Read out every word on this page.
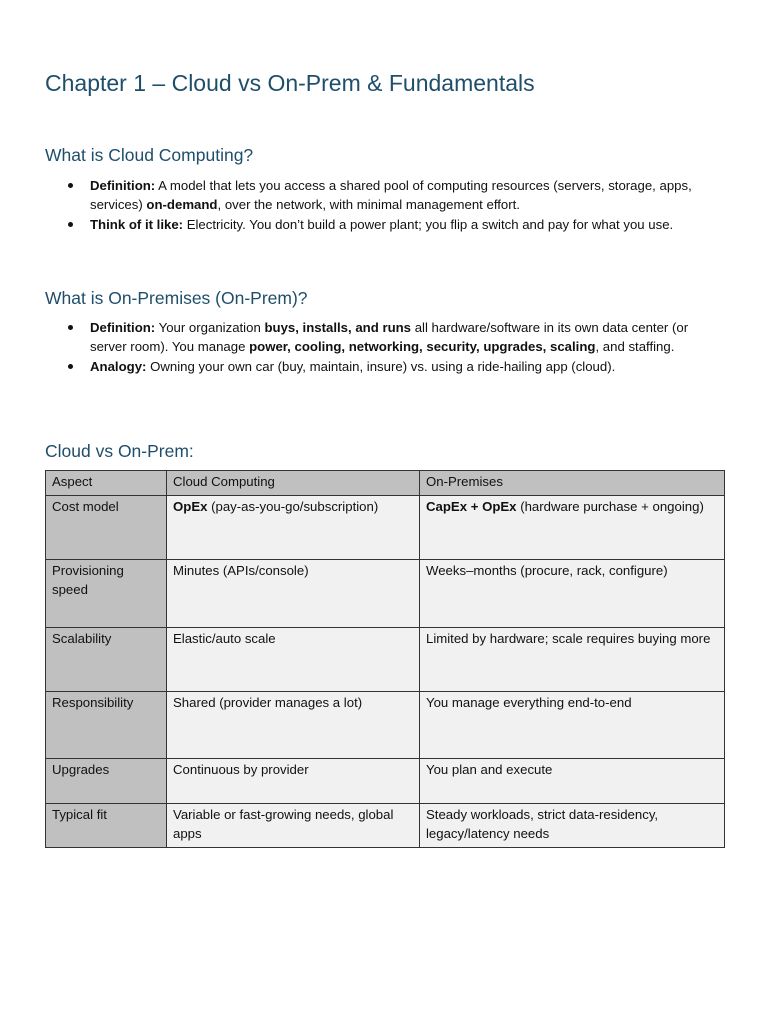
Chapter 1 – Cloud vs On-Prem & Fundamentals
What is Cloud Computing?
Definition: A model that lets you access a shared pool of computing resources (servers, storage, apps, services) on-demand, over the network, with minimal management effort.
Think of it like: Electricity. You don’t build a power plant; you flip a switch and pay for what you use.
What is On-Premises (On-Prem)?
Definition: Your organization buys, installs, and runs all hardware/software in its own data center (or server room). You manage power, cooling, networking, security, upgrades, scaling, and staffing.
Analogy: Owning your own car (buy, maintain, insure) vs. using a ride-hailing app (cloud).
Cloud vs On-Prem:
Aspect	Cloud Computing	On-Premises
Cost model	OpEx (pay-as-you-go/subscription)	CapEx + OpEx (hardware purchase + ongoing)
Provisioning speed	Minutes (APIs/console)	Weeks–months (procure, rack, configure)
Scalability	Elastic/auto scale	Limited by hardware; scale requires buying more
Responsibility	Shared (provider manages a lot)	You manage everything end-to-end
Upgrades	Continuous by provider	You plan and execute
Typical fit	Variable or fast-growing needs, global apps	Steady workloads, strict data-residency, legacy/latency needs
